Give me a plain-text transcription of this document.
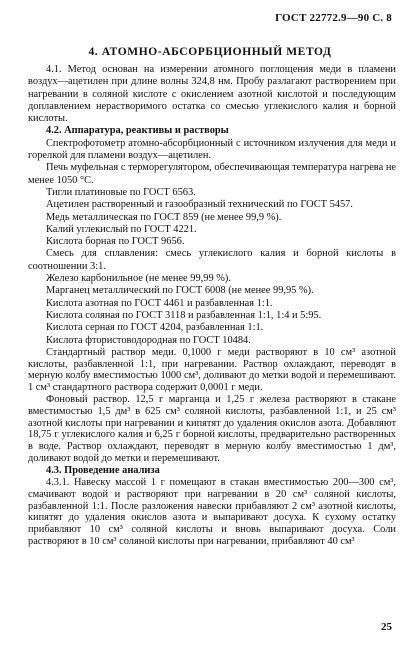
ГОСТ 22772.9—90 С. 8
4. АТОМНО-АБСОРБЦИОННЫЙ МЕТОД

4.1. Метод основан на измерении атомного поглощения меди в пламени воздух—ацетилен при длине волны 324,8 нм. Пробу разлагают растворением при нагревании в соляной кислоте с окислением азотной кислотой и последующим доплавлением нерастворимого остатка со смесью углекислого калия и борной кислоты.

4.2. Аппаратура, реактивы и растворы

Спектрофотометр атомно-абсорбционный с источником излучения для меди и горелкой для пламени воздух—ацетилен.

Печь муфельная с терморегулятором, обеспечивающая температура нагрева не менее 1050 °С.

Тигли платиновые по ГОСТ 6563.

Ацетилен растворенный и газообразный технический по ГОСТ 5457.

Медь металлическая по ГОСТ 859 (не менее 99,9 %).

Калий углекислый по ГОСТ 4221.

Кислота борная по ГОСТ 9656.

Смесь для сплавления: смесь углекислого калия и борной кислоты в соотношении 3:1.

Железо карбонильное (не менее 99,99 %).

Марганец металлический по ГОСТ 6008 (не менее 99,95 %).

Кислота азотная по ГОСТ 4461 и разбавленная 1:1.

Кислота соляная по ГОСТ 3118 и разбавленная 1:1, 1:4 и 5:95.

Кислота серная по ГОСТ 4204, разбавленная 1:1.

Кислота фтористоводородная по ГОСТ 10484.

Стандартный раствор меди. 0,1000 г меди растворяют в 10 см³ азотной кислоты, разбавленной 1:1, при нагревании. Раствор охлаждают, переводят в мерную колбу вместимостью 1000 см³, доливают до метки водой и перемешивают. 1 см³ стандартного раствора содержит 0,0001 г меди.

Фоновый раствор. 12,5 г марганца и 1,25 г железа растворяют в стакане вместимостью 1,5 дм³ в 625 см³ соляной кислоты, разбавленной 1:1, и 25 см³ азотной кислоты при нагревании и кипятят до удаления окислов азота. Добавляют 18,75 г углекислого калия и 6,25 г борной кислоты, предварительно растворенных в воде. Раствор охлаждают, переводят в мерную колбу вместимостью 1 дм³, доливают водой до метки и перемешивают.

4.3. Проведение анализа

4.3.1. Навеску массой 1 г помещают в стакан вместимостью 200—300 см³, смачивают водой и растворяют при нагревании в 20 см³ соляной кислоты, разбавленной 1:1. После разложения навески прибавляют 2 см³ азотной кислоты, кипятят до удаления окислов азота и выпаривают досуха. К сухому остатку прибавляют 10 см³ соляной кислоты и вновь выпаривают досуха. Соли растворяют в 10 см³ соляной кислоты при нагревании, прибавляют 40 см³

25
